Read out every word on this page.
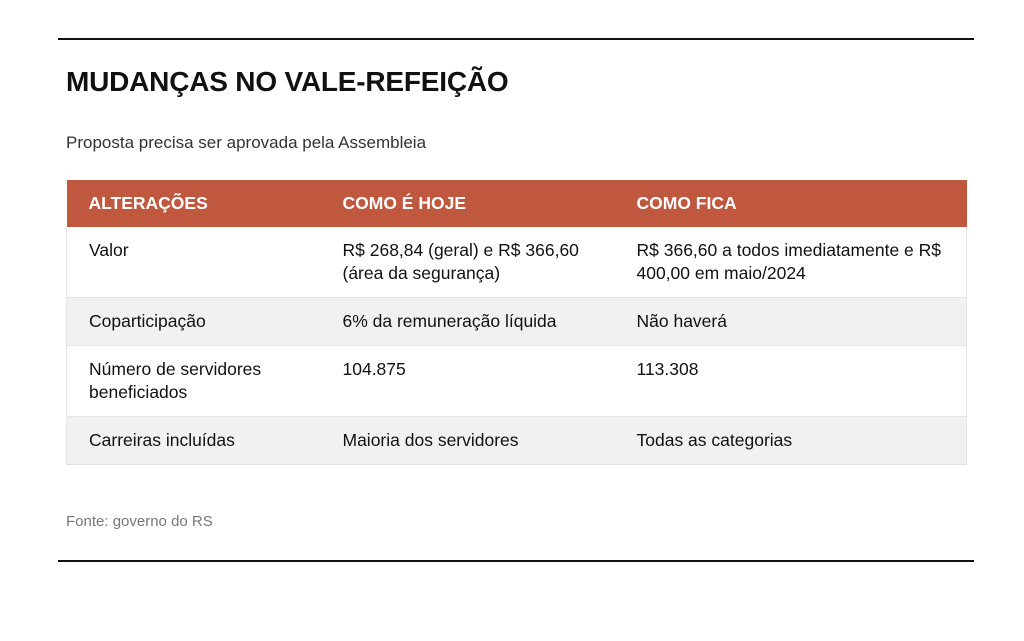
MUDANÇAS NO VALE-REFEIÇÃO
Proposta precisa ser aprovada pela Assembleia
ALTERAÇÕES	COMO É HOJE	COMO FICA
Valor	R$ 268,84 (geral) e R$ 366,60 (área da segurança)	R$ 366,60 a todos imediatamente e R$ 400,00 em maio/2024
Coparticipação	6% da remuneração líquida	Não haverá
Número de servidores beneficiados	104.875	113.308
Carreiras incluídas	Maioria dos servidores	Todas as categorias
Fonte: governo do RS
